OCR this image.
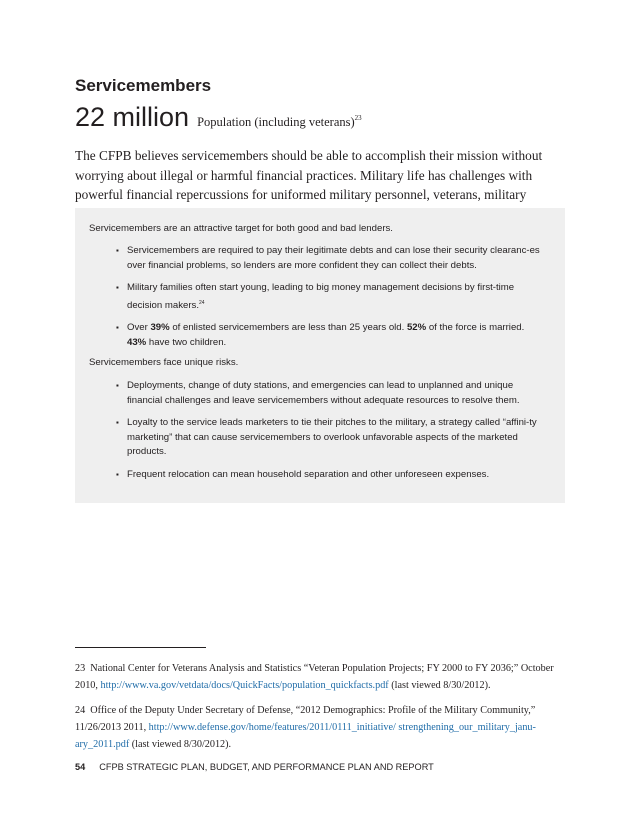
Servicemembers
22 million Population (including veterans)$^{23}$

The CFPB believes servicemembers should be able to accomplish their mission without worrying about illegal or harmful financial practices. Military life has challenges with powerful financial repercussions for uniformed military personnel, veterans, military

Servicemembers are an attractive target for both good and bad lenders.

▪ Servicemembers are required to pay their legitimate debts and can lose their security clearanc-es over financial problems, so lenders are more confident they can collect their debts.
▪ Military families often start young, leading to big money management decisions by first-time decision makers.$^{24}$
▪ Over 39% of enlisted servicemembers are less than 25 years old. 52% of the force is married.
43% have two children.

Servicemembers face unique risks.

▪ Deployments, change of duty stations, and emergencies can lead to unplanned and unique financial challenges and leave servicemembers without adequate resources to resolve them.
▪ Loyalty to the service leads marketers to tie their pitches to the military, a strategy called “affini-ty marketing” that can cause servicemembers to overlook unfavorable aspects of the marketed products.
▪ Frequent relocation can mean household separation and other unforeseen expenses.

23 National Center for Veterans Analysis and Statistics “Veteran Population Projects; FY 2000 to FY 2036;” October 2010, http://www.va.gov/vetdata/docs/QuickFacts/population_quickfacts.pdf (last viewed 8/30/2012).

24 Office of the Deputy Under Secretary of Defense, “2012 Demographics: Profile of the Military Community,” 11/26/2013 2011, http://www.defense.gov/home/features/2011/0111_initiative/ strengthening_our_military_janu-ary_2011.pdf (last viewed 8/30/2012).

54 CFPB STRATEGIC PLAN, BUDGET, AND PERFORMANCE PLAN AND REPORT
